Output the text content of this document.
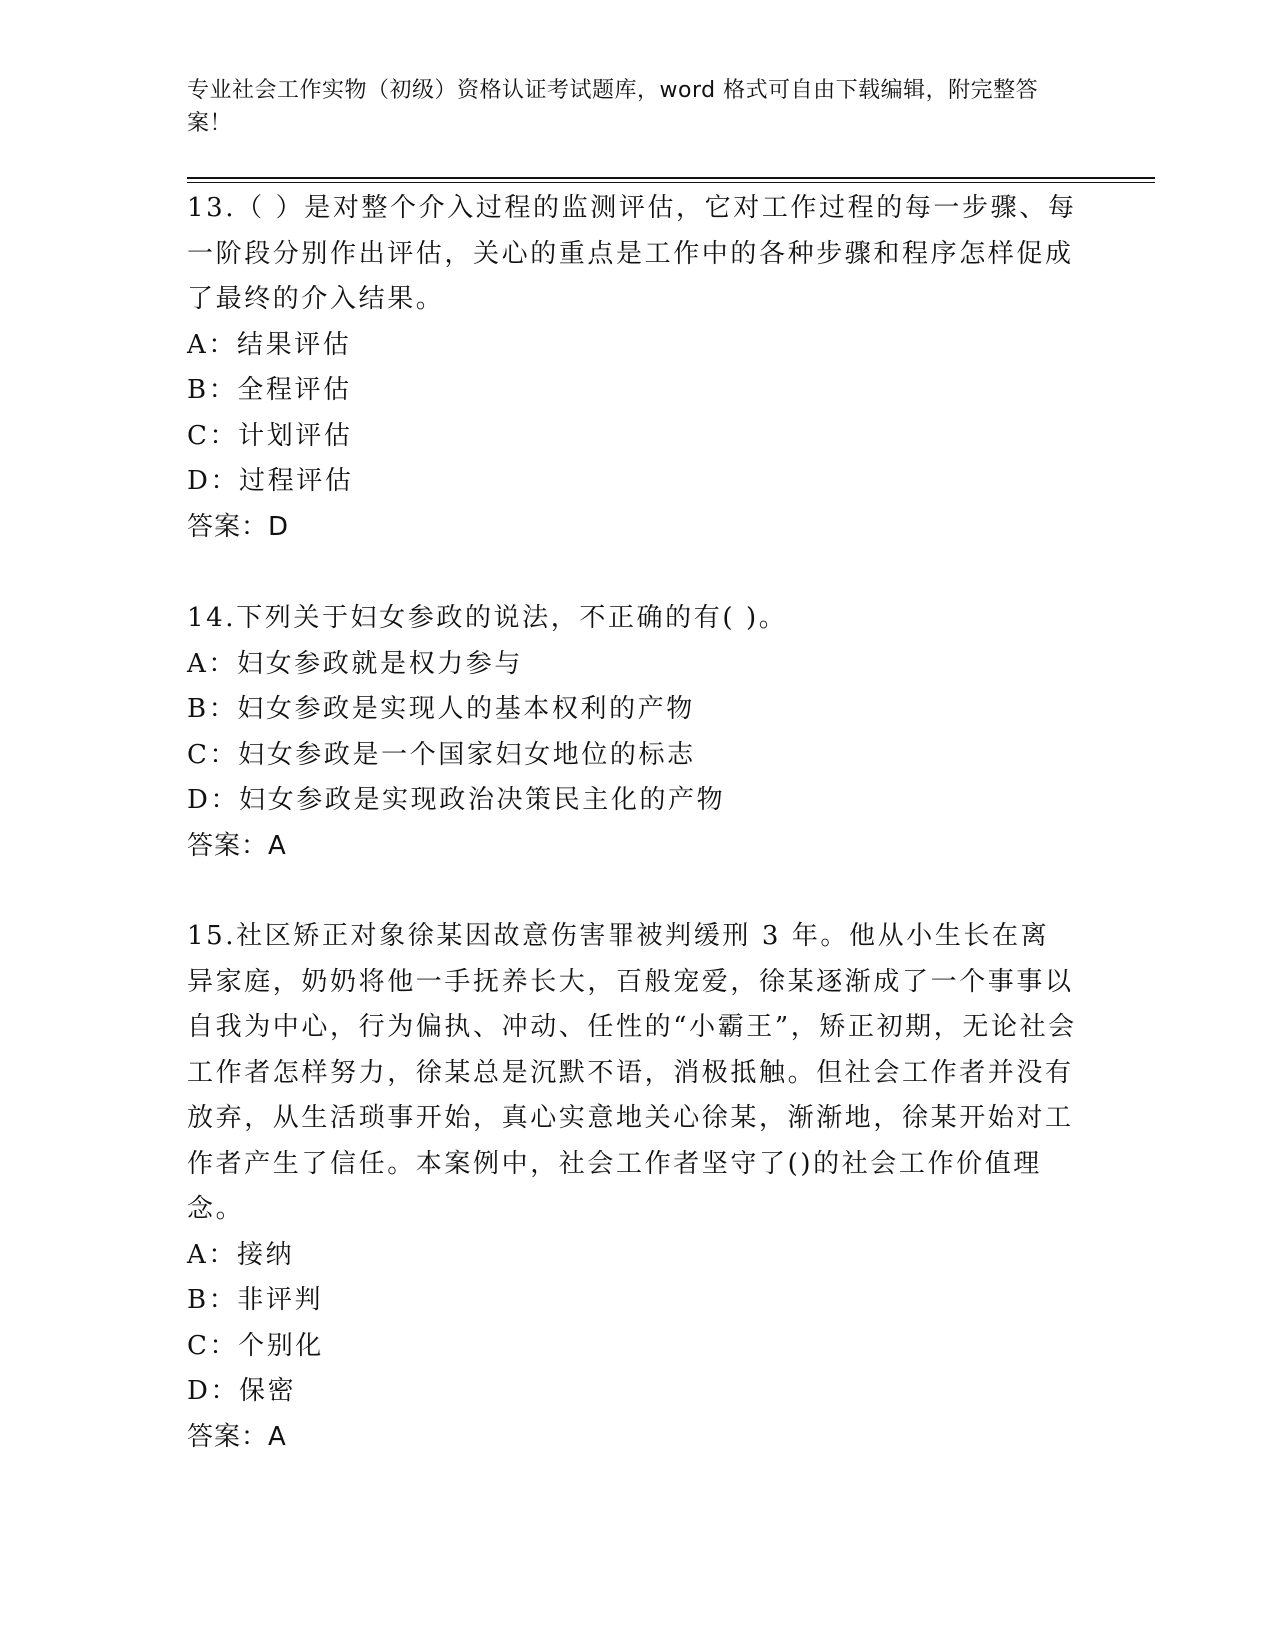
专业社会工作实物（初级）资格认证考试题库，word 格式可自由下载编辑，附完整答案！

13.（ ）是对整个介入过程的监测评估，它对工作过程的每一步骤、每一阶段分别作出评估，关心的重点是工作中的各种步骤和程序怎样促成了最终的介入结果。

A：结果评估
B：全程评估
C：计划评估
D：过程评估
答案：D

14.下列关于妇女参政的说法，不正确的有( )。

A：妇女参政就是权力参与
B：妇女参政是实现人的基本权利的产物
C：妇女参政是一个国家妇女地位的标志
D：妇女参政是实现政治决策民主化的产物
答案：A

15.社区矫正对象徐某因故意伤害罪被判缓刑 3 年。他从小生长在离异家庭，奶奶将他一手抚养长大，百般宠爱，徐某逐渐成了一个事事以自我为中心，行为偏执、冲动、任性的“小霸王”，矫正初期，无论社会工作者怎样努力，徐某总是沉默不语，消极抵触。但社会工作者并没有放弃，从生活琐事开始，真心实意地关心徐某，渐渐地，徐某开始对工作者产生了信任。本案例中，社会工作者坚守了()的社会工作价值理念。

A：接纳
B：非评判
C：个别化
D：保密
答案：A
